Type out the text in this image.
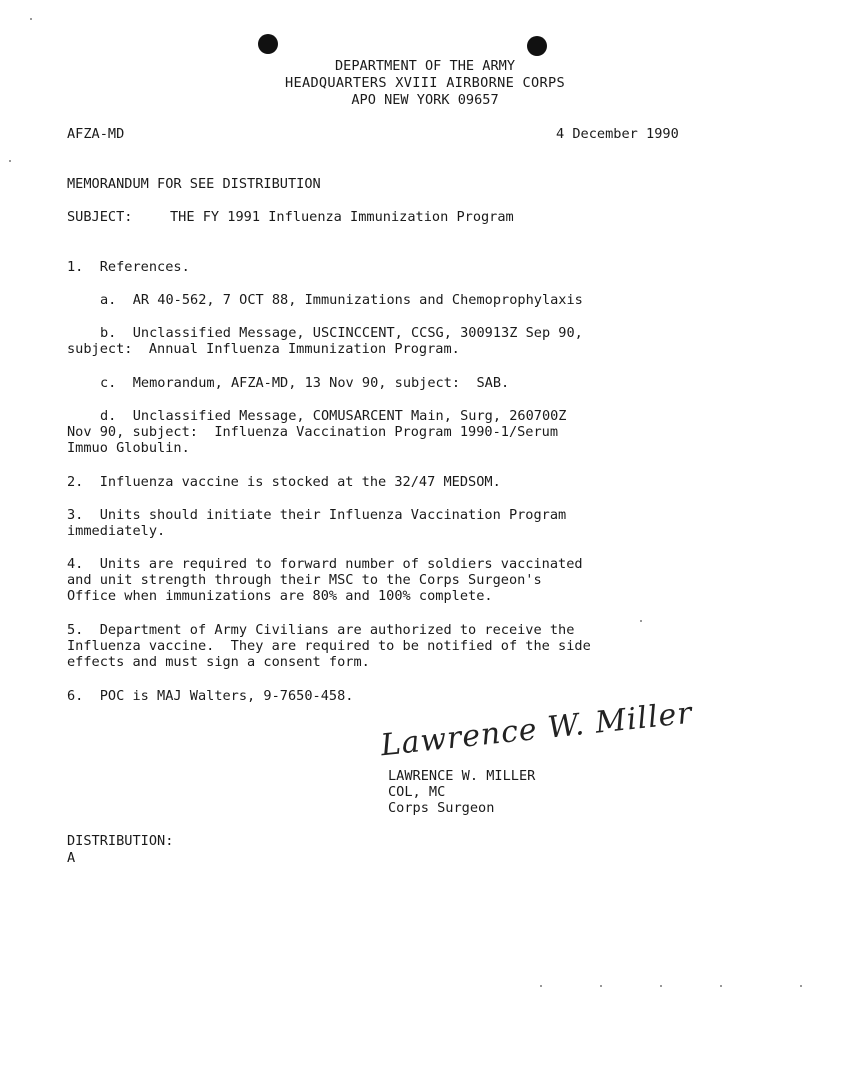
DEPARTMENT OF THE ARMY
HEADQUARTERS XVIII AIRBORNE CORPS
APO NEW YORK 09657
AFZA-MD	4 December 1990
MEMORANDUM FOR SEE DISTRIBUTION
SUBJECT:	THE FY 1991 Influenza Immunization Program
1.  References.
a.  AR 40-562, 7 OCT 88, Immunizations and Chemoprophylaxis
b.  Unclassified Message, USCINCCENT, CCSG, 300913Z Sep 90,
subject:  Annual Influenza Immunization Program.
c.  Memorandum, AFZA-MD, 13 Nov 90, subject:  SAB.
d.  Unclassified Message, COMUSARCENT Main, Surg, 260700Z
Nov 90, subject:  Influenza Vaccination Program 1990-1/Serum
Immuo Globulin.
2.  Influenza vaccine is stocked at the 32/47 MEDSOM.
3.  Units should initiate their Influenza Vaccination Program
immediately.
4.  Units are required to forward number of soldiers vaccinated
and unit strength through their MSC to the Corps Surgeon's
Office when immunizations are 80% and 100% complete.
5.  Department of Army Civilians are authorized to receive the
Influenza vaccine.  They are required to be notified of the side
effects and must sign a consent form.
6.  POC is MAJ Walters, 9-7650-458. Lawrence W. Miller
LAWRENCE W. MILLER
COL, MC
Corps Surgeon
DISTRIBUTION:
A
